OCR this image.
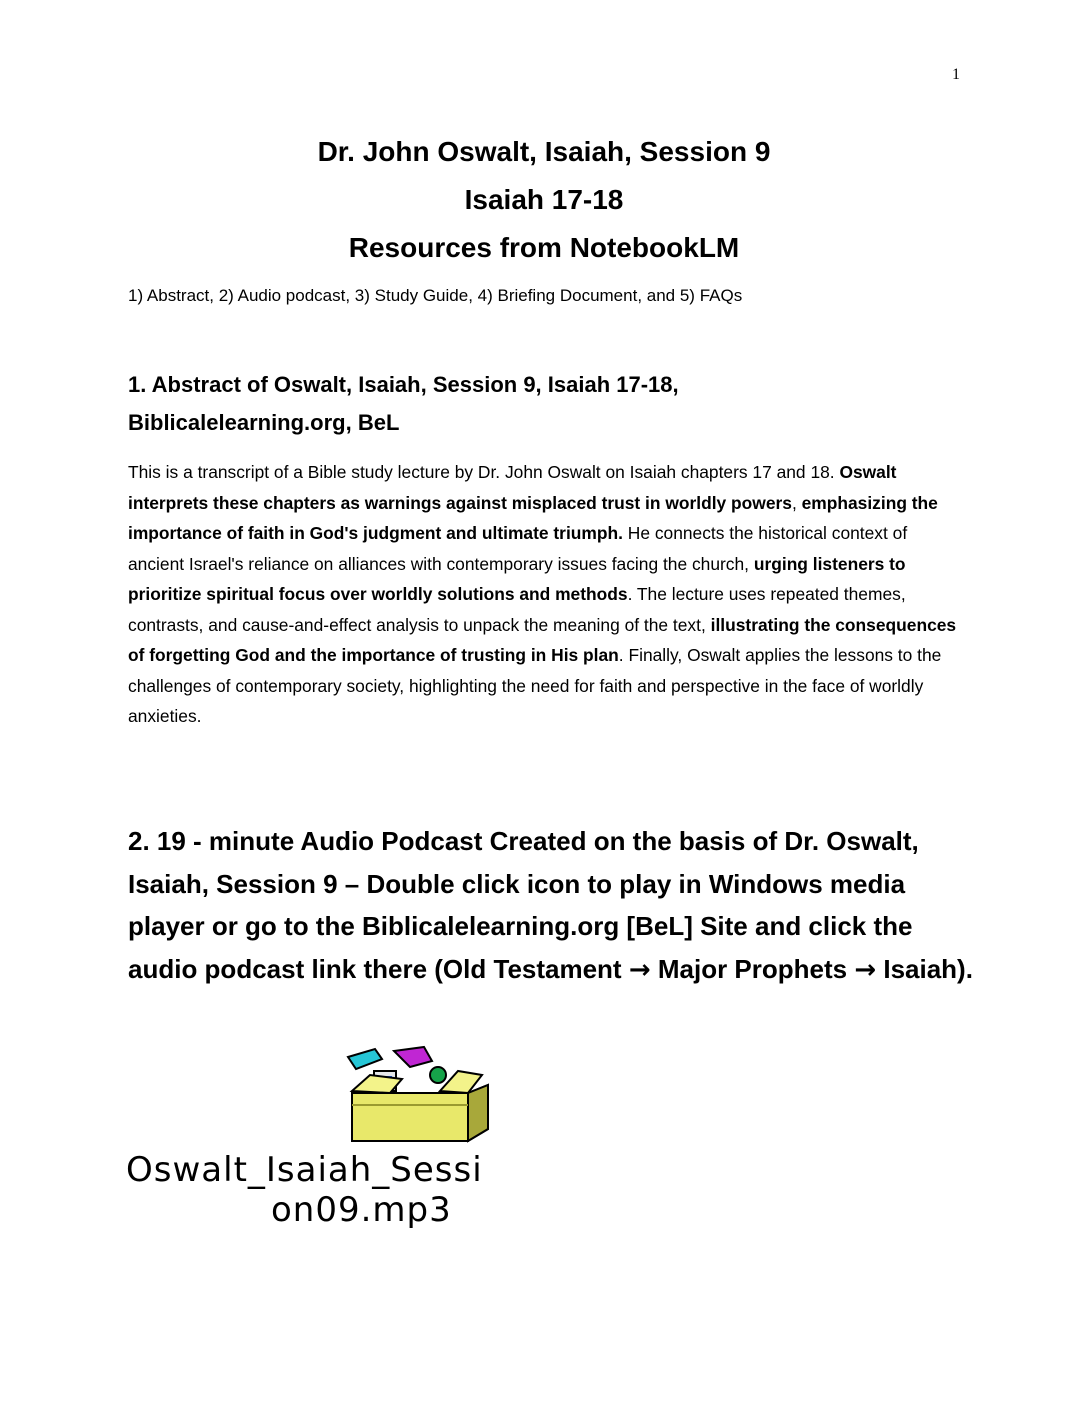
1

Dr. John Oswalt, Isaiah, Session 9

Isaiah 17-18

Resources from NotebookLM

1) Abstract, 2) Audio podcast, 3) Study Guide, 4) Briefing Document, and 5) FAQs
1. Abstract of Oswalt, Isaiah, Session 9, Isaiah 17-18,
Biblicalelearning.org, BeL

This is a transcript of a Bible study lecture by Dr. John Oswalt on Isaiah chapters 17 and 18. Oswalt interprets these chapters as warnings against misplaced trust in worldly powers, emphasizing the importance of faith in God's judgment and ultimate triumph. He connects the historical context of ancient Israel's reliance on alliances with contemporary issues facing the church, urging listeners to prioritize spiritual focus over worldly solutions and methods. The lecture uses repeated themes, contrasts, and cause-and-effect analysis to unpack the meaning of the text, illustrating the consequences of forgetting God and the importance of trusting in His plan. Finally, Oswalt applies the lessons to the challenges of contemporary society, highlighting the need for faith and perspective in the face of worldly anxieties.

2. 19 - minute Audio Podcast Created on the basis of Dr. Oswalt, Isaiah, Session 9 – Double click icon to play in Windows media player or go to the Biblicalelearning.org [BeL] Site and click the audio podcast link there (Old Testament → Major Prophets → Isaiah).
Oswalt_Isaiah_Sessi
on09.mp3
